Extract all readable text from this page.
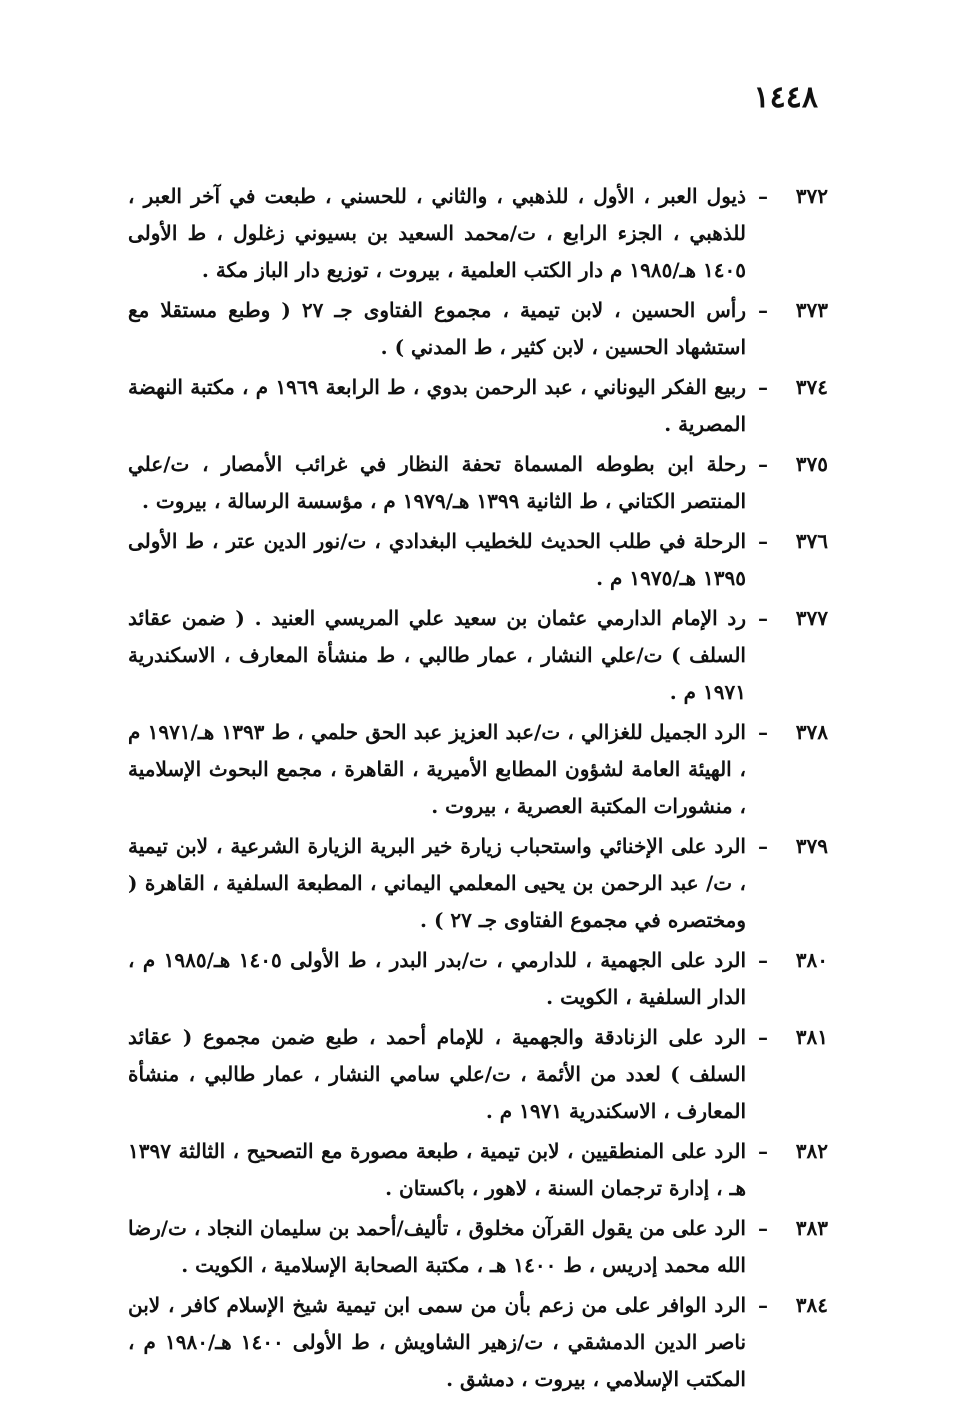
١٤٤٨
٣٧٢
–
ذيول العبر ، الأول ، للذهبي ، والثاني ، للحسني ، طبعت في آخر العبر ، للذهبي ، الجزء الرابع ، ت/محمد السعيد بن بسيوني زغلول ، ط الأولى ١٤٠٥ هـ/١٩٨٥ م دار الكتب العلمية ، بيروت ، توزيع دار الباز مكة .
٣٧٣
–
رأس الحسين ، لابن تيمية ، مجموع الفتاوى جـ ٢٧ ( وطبع مستقلا مع استشهاد الحسين ، لابن كثير ، ط المدني ) .
٣٧٤
–
ربيع الفكر اليوناني ، عبد الرحمن بدوي ، ط الرابعة ١٩٦٩ م ، مكتبة النهضة المصرية .
٣٧٥
–
رحلة ابن بطوطه المسماة تحفة النظار في غرائب الأمصار ، ت/علي المنتصر الكتاني ، ط الثانية ١٣٩٩ هـ/١٩٧٩ م ، مؤسسة الرسالة ، بيروت .
٣٧٦
–
الرحلة في طلب الحديث للخطيب البغدادي ، ت/نور الدين عتر ، ط الأولى ١٣٩٥ هـ/١٩٧٥ م .
٣٧٧
–
رد الإمام الدارمي عثمان بن سعيد علي المريسي العنيد . ( ضمن عقائد السلف ) ت/علي النشار ، عمار طالبي ، ط منشأة المعارف ، الاسكندرية ١٩٧١ م .
٣٧٨
–
الرد الجميل للغزالي ، ت/عبد العزيز عبد الحق حلمي ، ط ١٣٩٣ هـ/١٩٧١ م ، الهيئة العامة لشؤون المطابع الأميرية ، القاهرة ، مجمع البحوث الإسلامية ، منشورات المكتبة العصرية ، بيروت .
٣٧٩
–
الرد على الإخنائي واستحباب زيارة خير البرية الزيارة الشرعية ، لابن تيمية ، ت/ عبد الرحمن بن يحيى المعلمي اليماني ، المطبعة السلفية ، القاهرة ( ومختصره في مجموع الفتاوى جـ ٢٧ ) .
٣٨٠
–
الرد على الجهمية ، للدارمي ، ت/بدر البدر ، ط الأولى ١٤٠٥ هـ/١٩٨٥ م ، الدار السلفية ، الكويت .
٣٨١
–
الرد على الزنادقة والجهمية ، للإمام أحمد ، طبع ضمن مجموع ( عقائد السلف ) لعدد من الأئمة ، ت/علي سامي النشار ، عمار طالبي ، منشأة المعارف ، الاسكندرية ١٩٧١ م .
٣٨٢
–
الرد على المنطقيين ، لابن تيمية ، طبعة مصورة مع التصحيح ، الثالثة ١٣٩٧ هـ ، إدارة ترجمان السنة ، لاهور ، باكستان .
٣٨٣
–
الرد على من يقول القرآن مخلوق ، تأليف/أحمد بن سليمان النجاد ، ت/رضا الله محمد إدريس ، ط ١٤٠٠ هـ ، مكتبة الصحابة الإسلامية ، الكويت .
٣٨٤
–
الرد الوافر على من زعم بأن من سمى ابن تيمية شيخ الإسلام كافر ، لابن ناصر الدين الدمشقي ، ت/زهير الشاويش ، ط الأولى ١٤٠٠ هـ/١٩٨٠ م ، المكتب الإسلامي ، بيروت ، دمشق .
